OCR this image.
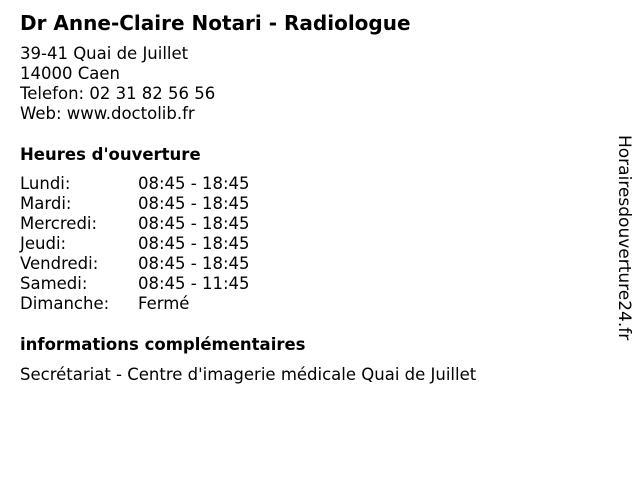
Dr Anne-Claire Notari - Radiologue
39-41 Quai de Juillet
14000 Caen
Telefon: 02 31 82 56 56
Web: www.doctolib.fr
Heures d'ouverture
Lundi:	08:45 - 18:45
Mardi:	08:45 - 18:45
Mercredi: 08:45 - 18:45
Jeudi:	08:45 - 18:45
Vendredi: 08:45 - 18:45
Samedi:	08:45 - 11:45
Dimanche: Fermé
informations complémentaires
Secrétariat - Centre d'imagerie médicale Quai de Juillet
Horairesdouverture24.fr
